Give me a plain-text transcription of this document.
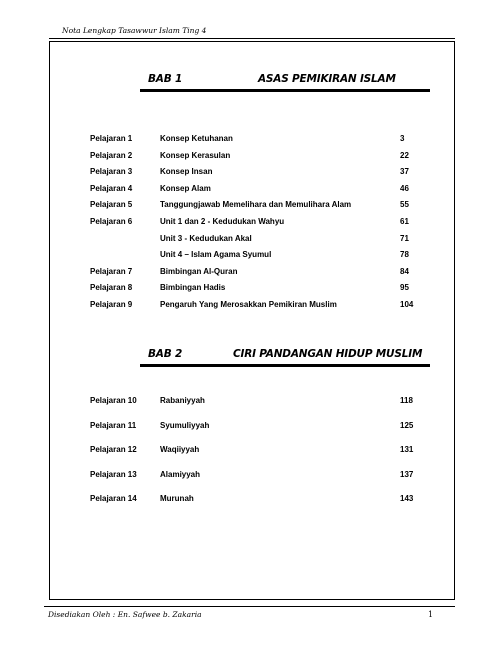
Nota Lengkap Tasawwur Islam Ting 4
BAB 1	ASAS PEMIKIRAN ISLAM
Pelajaran 1	Konsep Ketuhanan	3
Pelajaran 2	Konsep Kerasulan	22
Pelajaran 3	Konsep Insan	37
Pelajaran 4	Konsep Alam	46
Pelajaran 5	Tanggungjawab Memelihara dan Memulihara Alam	55
Pelajaran 6	Unit 1 dan 2 - Kedudukan Wahyu	61
Unit 3 - Kedudukan Akal	71
Unit 4 – Islam Agama Syumul	78
Pelajaran 7	Bimbingan Al-Quran	84
Pelajaran 8	Bimbingan Hadis	95
Pelajaran 9	Pengaruh Yang Merosakkan Pemikiran Muslim	104
BAB 2	CIRI PANDANGAN HIDUP MUSLIM
Pelajaran 10	Rabaniyyah	118
Pelajaran 11	Syumuliyyah	125
Pelajaran 12	Waqiiyyah	131
Pelajaran 13	Alamiyyah	137
Pelajaran 14	Murunah	143
Disediakan Oleh : En. Safwee b. Zakaria	1
